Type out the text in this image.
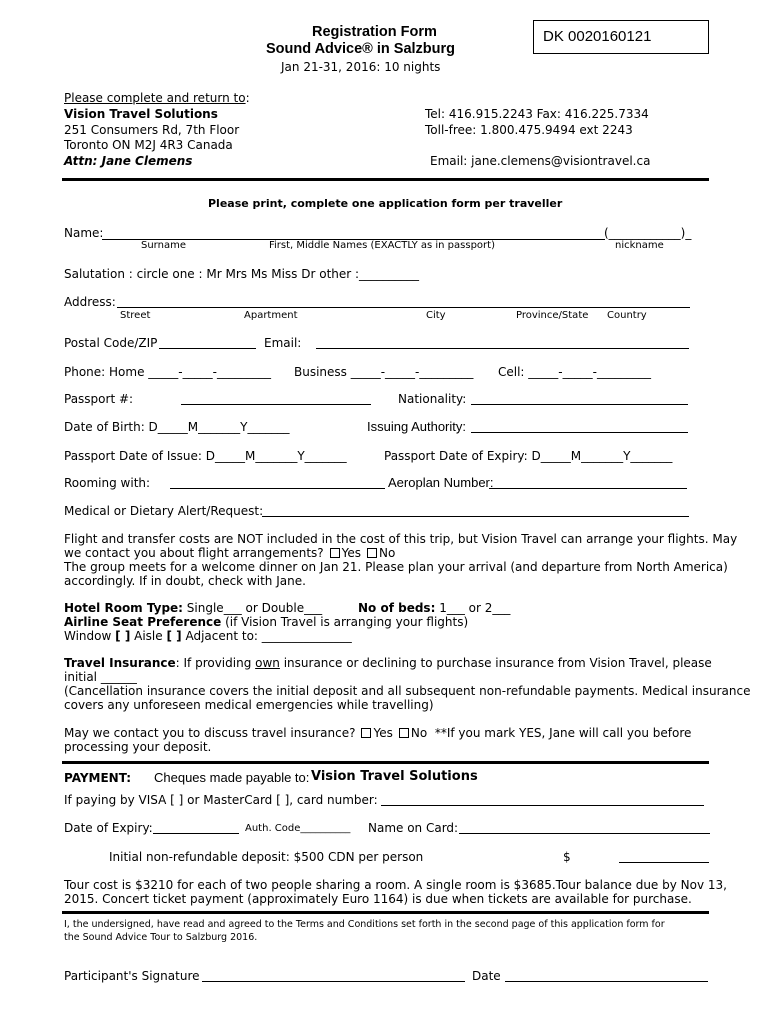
Registration Form
Sound Advice® in Salzburg
Jan 21-31, 2016: 10 nights
DK 0020160121
Please complete and return to:
Vision Travel Solutions
251 Consumers Rd, 7th Floor
Toronto ON M2J 4R3 Canada
Attn: Jane Clemens
Tel: 416.915.2243 Fax: 416.225.7334
Toll-free: 1.800.475.9494 ext 2243
Email: jane.clemens@visiontravel.ca
Please print, complete one application form per traveller
Name:	(____________)_
Surname	First, Middle Names (EXACTLY as in passport)	nickname
Salutation : circle one : Mr Mrs Ms Miss Dr other :__________
Address:
Street	Apartment	City	Province/State Country
Postal Code/ZIP	Email:
Phone: Home _____-_____-_________ Business _____-_____-_________ Cell: _____-_____-_________
Passport #:	Nationality:
Date of Birth: D_____M_______Y_______	Issuing Authority:
Passport Date of Issue: D_____M_______Y_______	Passport Date of Expiry: D_____M_______Y_______
Rooming with:	Aeroplan Number:
Medical or Dietary Alert/Request:
Flight and transfer costs are NOT included in the cost of this trip, but Vision Travel can arrange your flights. May
we contact you about flight arrangements? Yes No
The group meets for a welcome dinner on Jan 21. Please plan your arrival (and departure from North America)
accordingly. If in doubt, check with Jane.
Hotel Room Type: Single___ or Double___	No of beds: 1___ or 2___
Airline Seat Preference (if Vision Travel is arranging your flights)
Window [ ] Aisle [ ] Adjacent to: _______________
Travel Insurance: If providing own insurance or declining to purchase insurance from Vision Travel, please
initial ______
(Cancellation insurance covers the initial deposit and all subsequent non-refundable payments. Medical insurance
covers any unforeseen medical emergencies while travelling)
May we contact you to discuss travel insurance? Yes No **If you mark YES, Jane will call you before
processing your deposit.
PAYMENT: Cheques made payable to: Vision Travel Solutions
If paying by VISA [ ] or MasterCard [ ], card number:
Date of Expiry:	Auth. Code__________ Name on Card:
Initial non-refundable deposit: $500 CDN per person	$
Tour cost is $3210 for each of two people sharing a room. A single room is $3685.Tour balance due by Nov 13,
2015. Concert ticket payment (approximately Euro 1164) is due when tickets are available for purchase.
I, the undersigned, have read and agreed to the Terms and Conditions set forth in the second page of this application form for
the Sound Advice Tour to Salzburg 2016.
Participant's Signature	Date
